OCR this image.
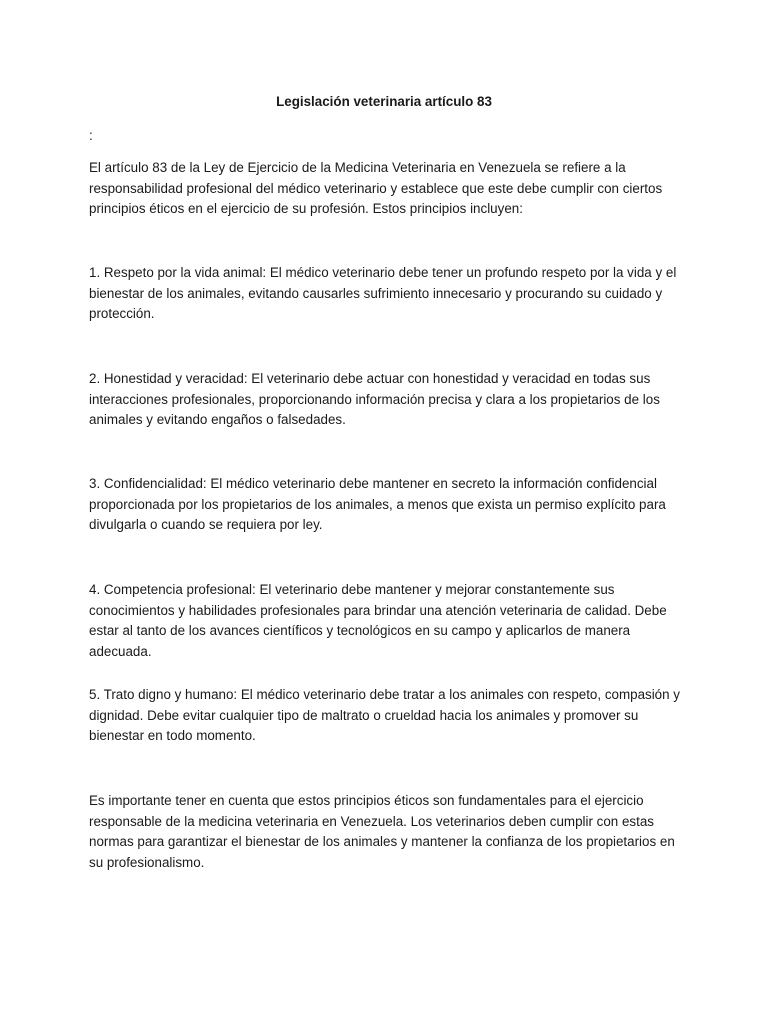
Legislación veterinaria artículo 83

:

El artículo 83 de la Ley de Ejercicio de la Medicina Veterinaria en Venezuela se refiere a la responsabilidad profesional del médico veterinario y establece que este debe cumplir con ciertos principios éticos en el ejercicio de su profesión. Estos principios incluyen:

1. Respeto por la vida animal: El médico veterinario debe tener un profundo respeto por la vida y el bienestar de los animales, evitando causarles sufrimiento innecesario y procurando su cuidado y protección.

2. Honestidad y veracidad: El veterinario debe actuar con honestidad y veracidad en todas sus interacciones profesionales, proporcionando información precisa y clara a los propietarios de los animales y evitando engaños o falsedades.

3. Confidencialidad: El médico veterinario debe mantener en secreto la información confidencial proporcionada por los propietarios de los animales, a menos que exista un permiso explícito para divulgarla o cuando se requiera por ley.

4. Competencia profesional: El veterinario debe mantener y mejorar constantemente sus conocimientos y habilidades profesionales para brindar una atención veterinaria de calidad. Debe estar al tanto de los avances científicos y tecnológicos en su campo y aplicarlos de manera adecuada.

5. Trato digno y humano: El médico veterinario debe tratar a los animales con respeto, compasión y dignidad. Debe evitar cualquier tipo de maltrato o crueldad hacia los animales y promover su bienestar en todo momento.

Es importante tener en cuenta que estos principios éticos son fundamentales para el ejercicio responsable de la medicina veterinaria en Venezuela. Los veterinarios deben cumplir con estas normas para garantizar el bienestar de los animales y mantener la confianza de los propietarios en su profesionalismo.
